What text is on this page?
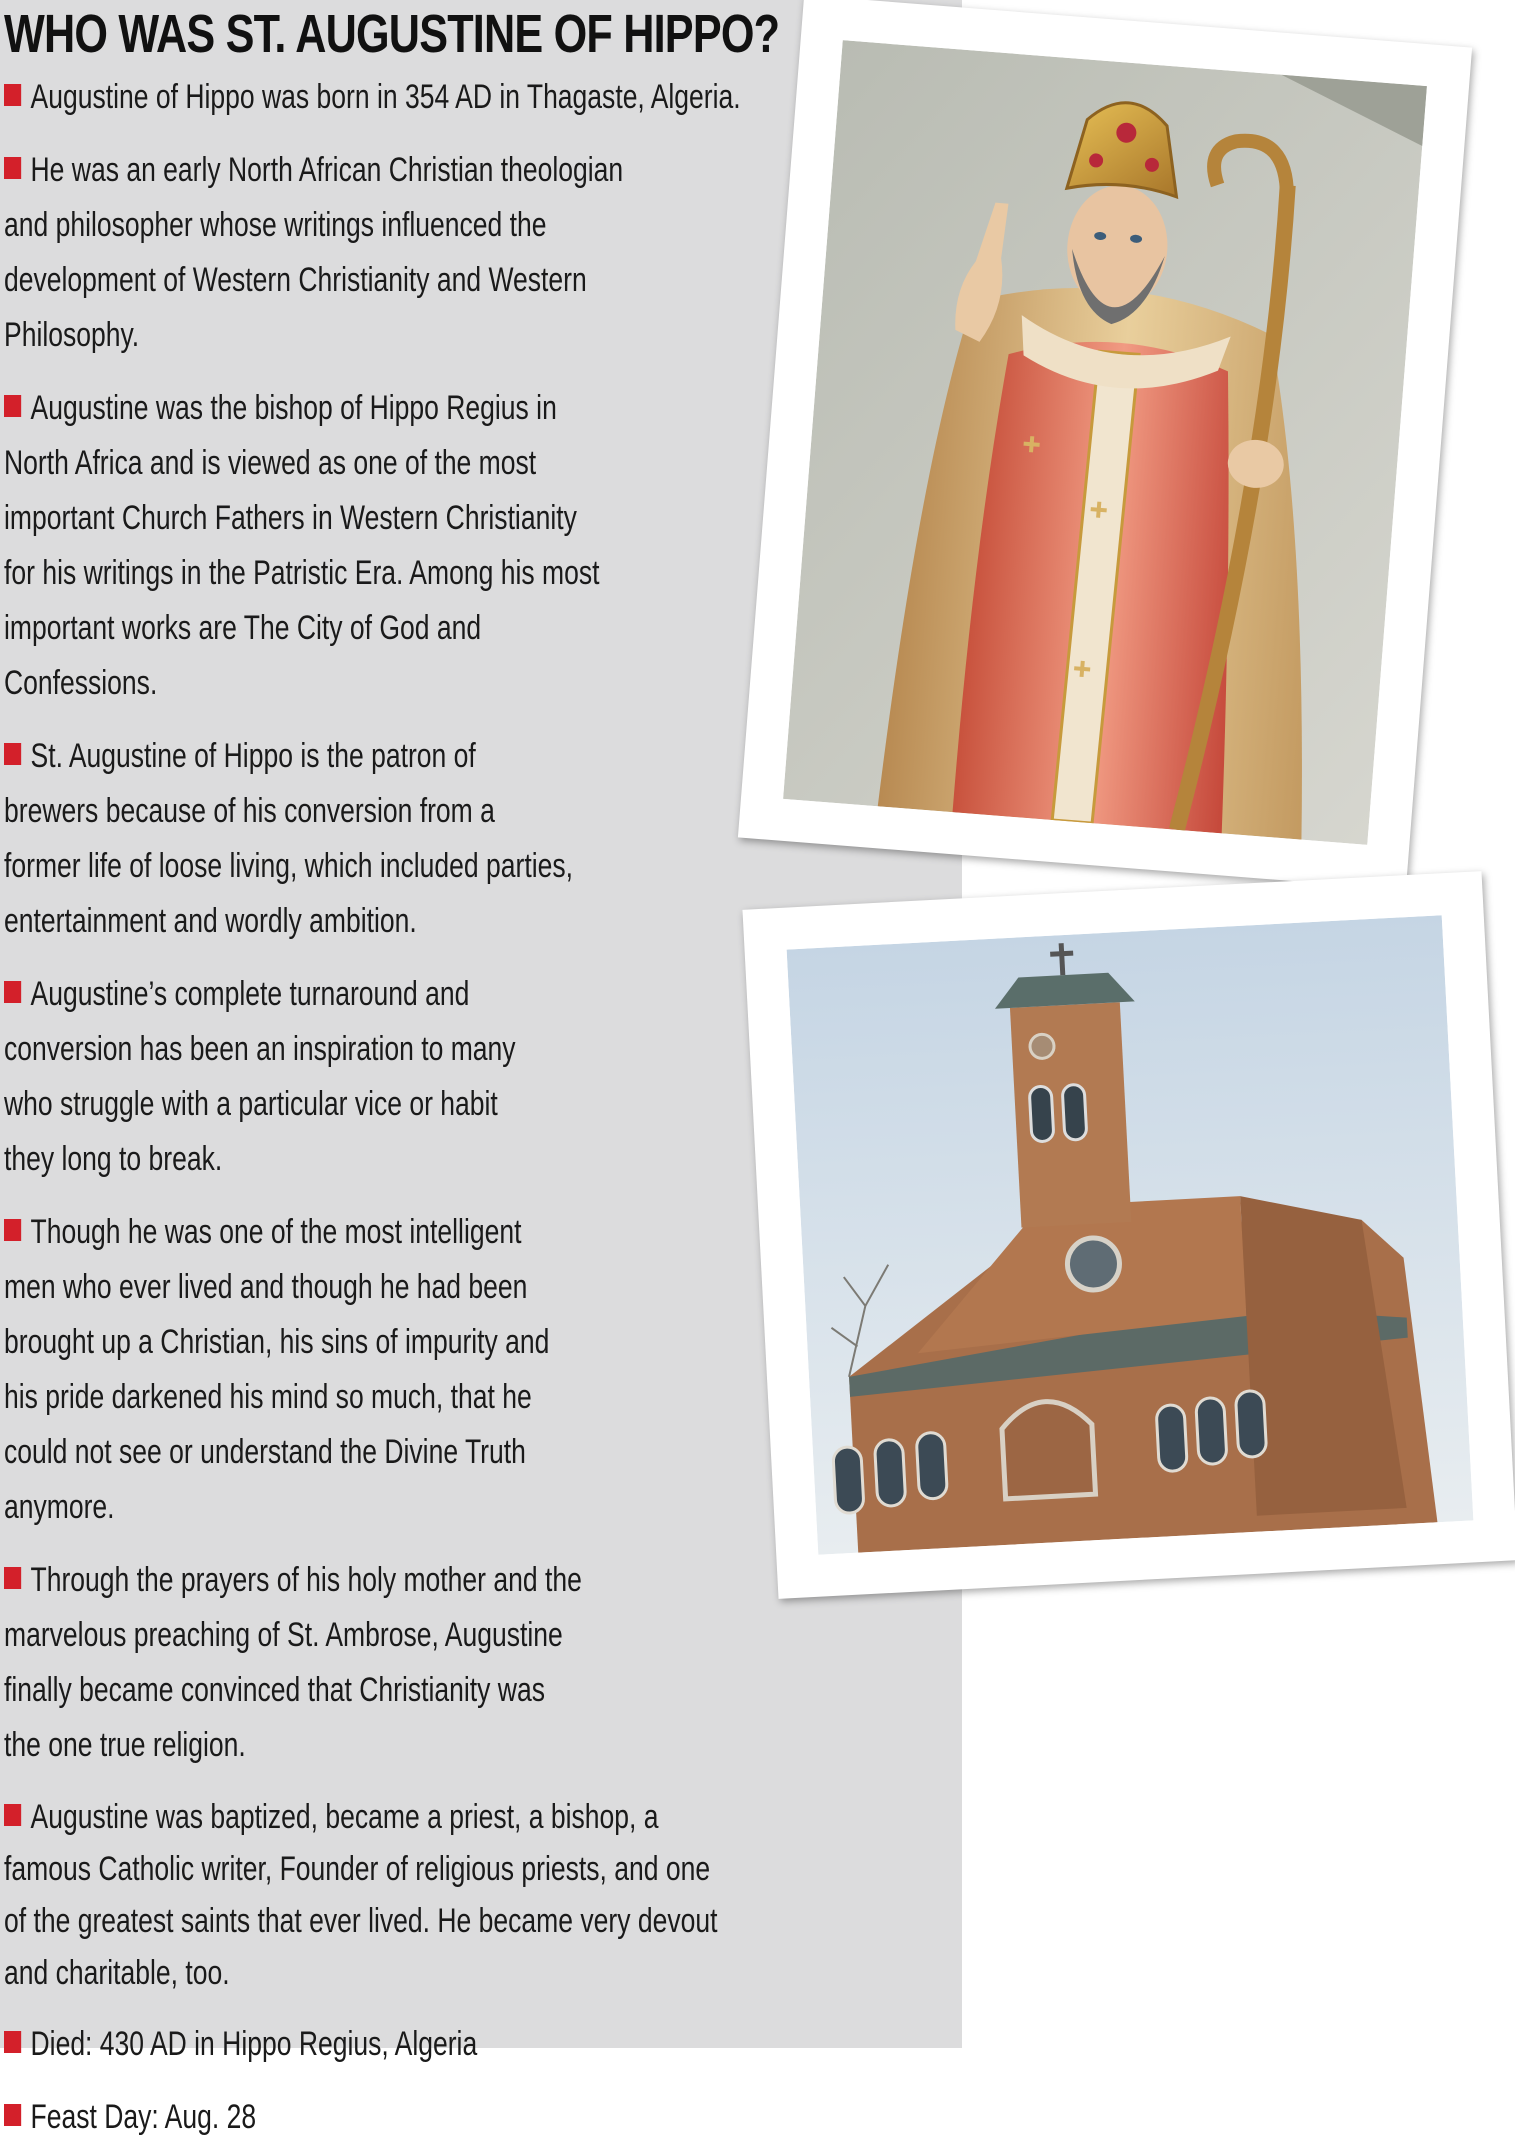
WHO WAS ST. AUGUSTINE OF HIPPO?
Augustine of Hippo was born in 354 AD in Thagaste, Algeria.
He was an early North African Christian theologian and philosopher whose writings influenced the development of Western Christianity and Western Philosophy.
Augustine was the bishop of Hippo Regius in North Africa and is viewed as one of the most important Church Fathers in Western Christianity for his writings in the Patristic Era. Among his most important works are The City of God and Confessions.
St. Augustine of Hippo is the patron of brewers because of his conversion from a former life of loose living, which included parties, entertainment and wordly ambition.
Augustine’s complete turnaround and conversion has been an inspiration to many who struggle with a particular vice or habit they long to break.
Though he was one of the most intelligent men who ever lived and though he had been brought up a Christian, his sins of impurity and his pride darkened his mind so much, that he could not see or understand the Divine Truth anymore.
Through the prayers of his holy mother and the marvelous preaching of St. Ambrose, Augustine finally became convinced that Christianity was the one true religion.
Augustine was baptized, became a priest, a bishop, a famous Catholic writer, Founder of religious priests, and one of the greatest saints that ever lived. He became very devout and charitable, too.
Died: 430 AD in Hippo Regius, Algeria
Feast Day: Aug. 28
